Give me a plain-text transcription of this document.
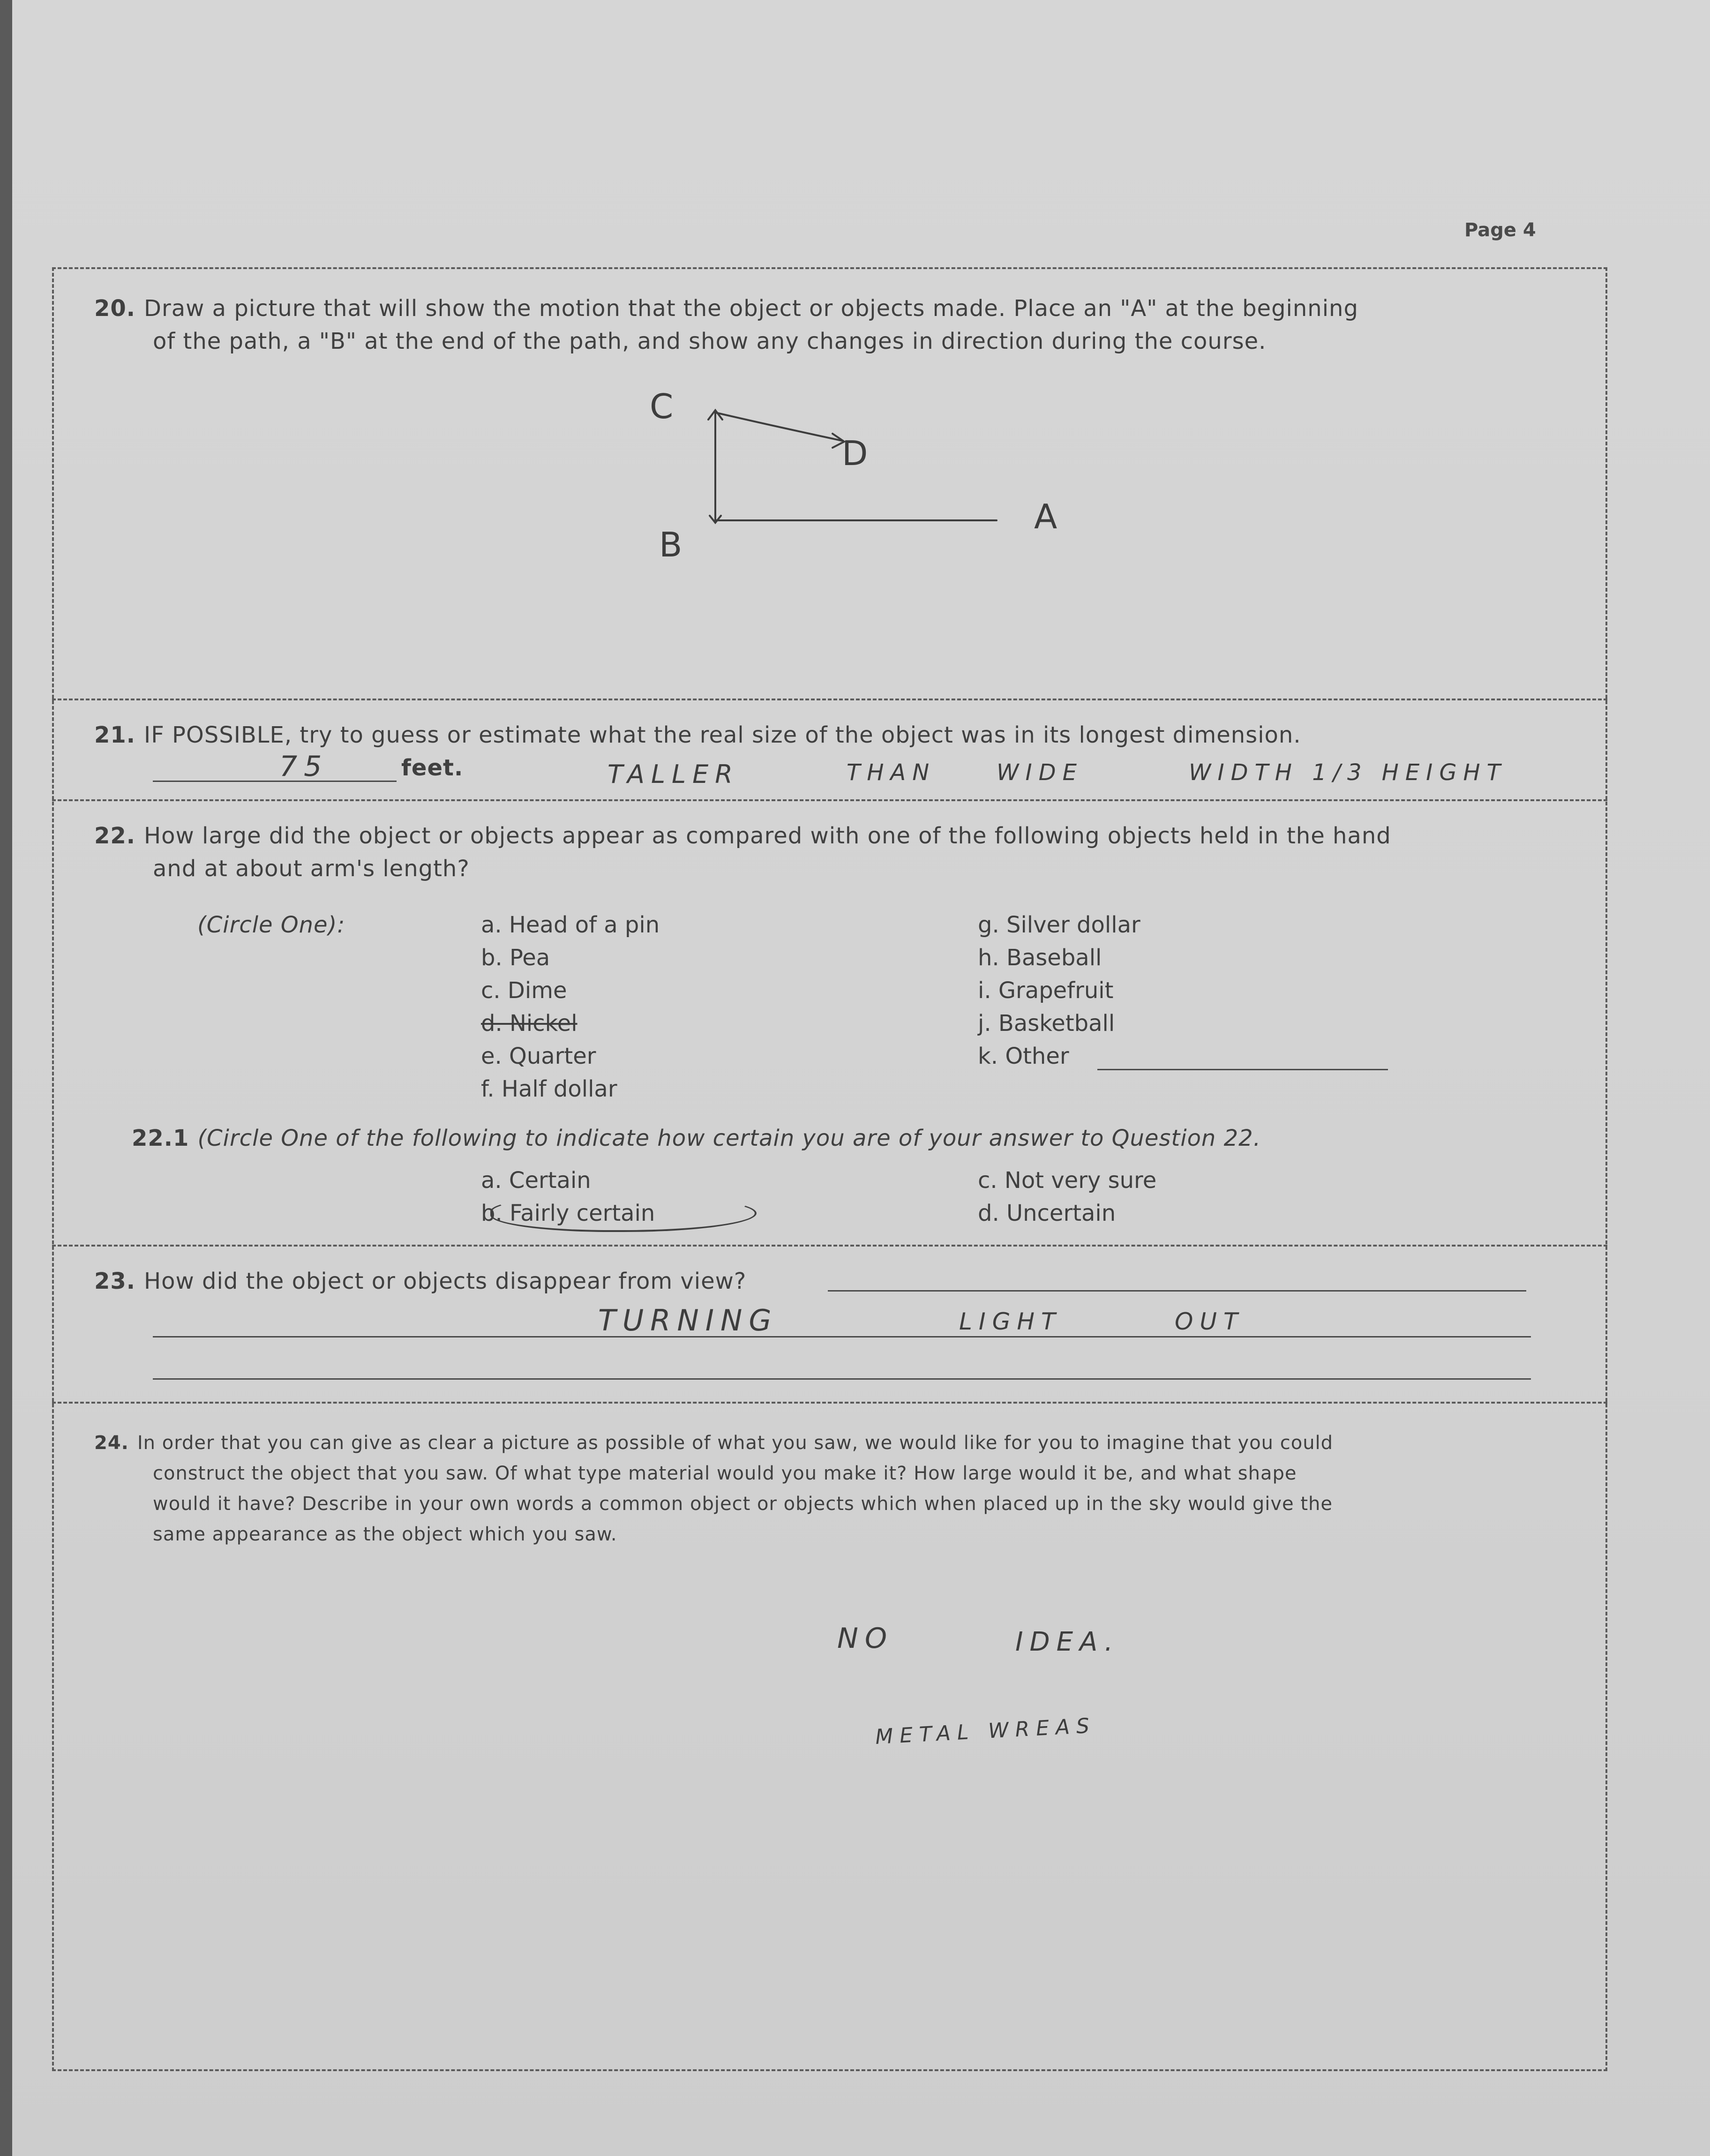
Page 4
20. Draw a picture that will show the motion that the object or objects made. Place an "A" at the beginning
of the path, a "B" at the end of the path, and show any changes in direction during the course.
A
B
C
D
21. IF POSSIBLE, try to guess or estimate what the real size of the object was in its longest dimension.
75	feet.	TALLER	THAN	WIDE	WIDTH 1/3 HEIGHT
22. How large did the object or objects appear as compared with one of the following objects held in the hand
and at about arm's length?
(Circle One):	a. Head of a pin
b. Pea
c. Dime
d. Nickel
e. Quarter
f. Half dollar
g. Silver dollar
h. Baseball
i. Grapefruit
j. Basketball
k. Other
22.1 (Circle One of the following to indicate how certain you are of your answer to Question 22.
a. Certain
b. Fairly certain
c. Not very sure
d. Uncertain
23. How did the object or objects disappear from view?
TURNING	LIGHT	OUT
24. In order that you can give as clear a picture as possible of what you saw, we would like for you to imagine that you could
construct the object that you saw. Of what type material would you make it? How large would it be, and what shape
would it have? Describe in your own words a common object or objects which when placed up in the sky would give the
same appearance as the object which you saw.
NO	IDEA.
METAL WREAS
